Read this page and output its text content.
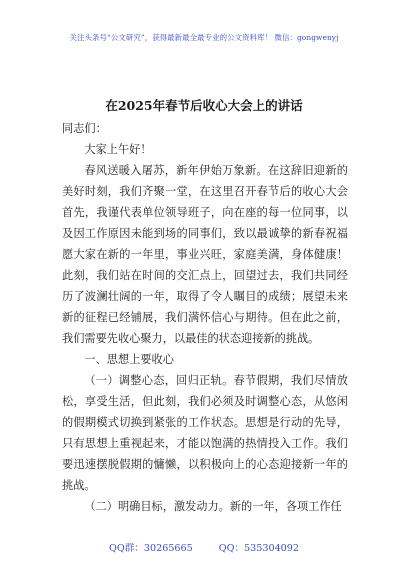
关注头条号“公文研究”，获得最新最全最专业的公文资料库！ 微信：gongwenyj
在2025年春节后收心大会上的讲话

同志们：

大家上午好！

春风送暖入屠苏，新年伊始万象新。在这辞旧迎新的美好时刻，我们齐聚一堂，在这里召开春节后的收心大会首先，我谨代表单位领导班子，向在座的每一位同事，以及因工作原因未能到场的同事们，致以最诚挚的新春祝福愿大家在新的一年里，事业兴旺，家庭美满，身体健康！此刻，我们站在时间的交汇点上，回望过去，我们共同经历了波澜壮阔的一年，取得了令人瞩目的成绩；展望未来新的征程已经铺展，我们满怀信心与期待。但在此之前，我们需要先收心聚力，以最佳的状态迎接新的挑战。

一、思想上要收心

（一）调整心态，回归正轨。春节假期，我们尽情放松，享受生活，但此刻，我们必须及时调整心态，从悠闲的假期模式切换到紧张的工作状态。思想是行动的先导，只有思想上重视起来，才能以饱满的热情投入工作。我们要迅速摆脱假期的慵懒，以积极向上的心态迎接新一年的挑战。

（二）明确目标，激发动力。新的一年，各项工作任

QQ群：30265665	QQ：535304092
